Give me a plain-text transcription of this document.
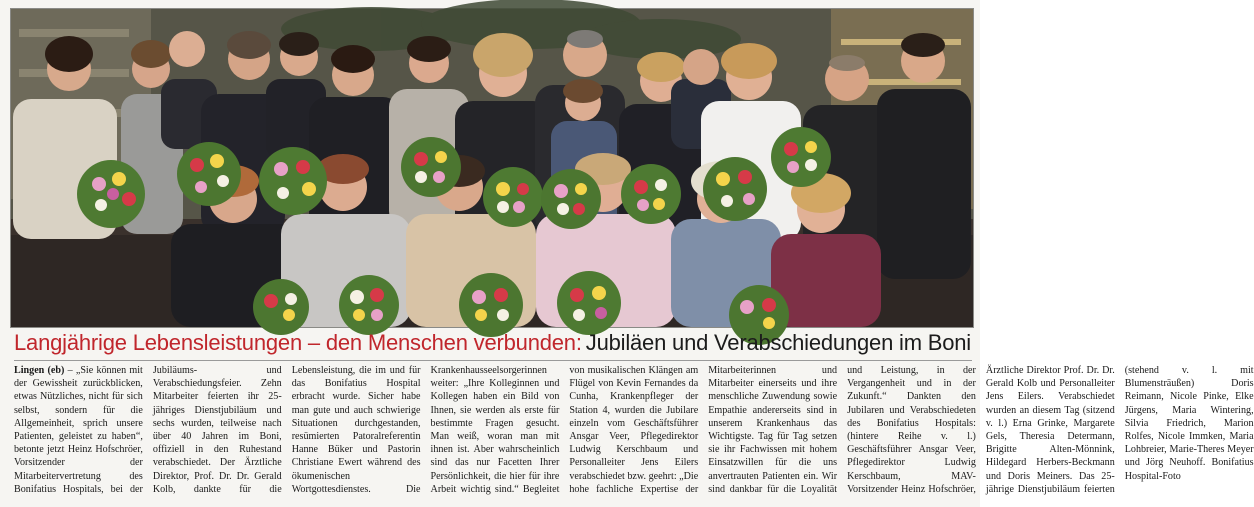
Langjährige Lebensleistungen – den Menschen verbunden: Jubiläen und Verabschiedungen im Boni

Lingen (eb) – „Sie können mit der Gewissheit zurückblicken, etwas Nützliches, nicht für sich selbst, sondern für die Allgemeinheit, sprich unsere Patienten, geleistet zu haben“, betonte jetzt Heinz Hofschröer, Vorsitzender der Mitarbeitervertretung des Bonifatius Hospitals, bei der Jubiläums- und Verabschiedungsfeier. Zehn Mitarbeiter feierten ihr 25-jähriges Dienstjubiläum und sechs wurden, teilweise nach über 40 Jahren im Boni, offiziell in den Ruhestand verabschiedet. Der Ärztliche Direktor, Prof. Dr. Dr. Gerald Kolb, dankte für die Lebensleistung, die im und für das Bonifatius Hospital erbracht wurde. Sicher habe man gute und auch schwierige Situationen durchgestanden, resümierten Patoralreferentin Hanne Büker und Pastorin Christiane Ewert während des ökumenischen Wortgottesdienstes. Die Krankenhausseelsorgerinnen weiter: „Ihre Kolleginnen und Kollegen haben ein Bild von Ihnen, sie werden als erste für bestimmte Fragen gesucht. Man weiß, woran man mit ihnen ist. Aber wahrscheinlich sind das nur Facetten Ihrer Persönlichkeit, die hier für ihre Arbeit wichtig sind.“ Begleitet von musikalischen Klängen am Flügel von Kevin Fernandes da Cunha, Krankenpfleger der Station 4, wurden die Jubilare einzeln vom Geschäftsführer Ansgar Veer, Pflegedirektor Ludwig Kerschbaum und Personalleiter Jens Eilers verabschiedet bzw. geehrt: „Die hohe fachliche Expertise der Mitarbeiterinnen und Mitarbeiter einerseits und ihre menschliche Zuwendung sowie Empathie andererseits sind in unserem Krankenhaus das Wichtigste. Tag für Tag setzen sie ihr Fachwissen mit hohem Einsatzwillen für die uns anvertrauten Patienten ein. Wir sind dankbar für die Loyalität und Leistung, in der Vergangenheit und in der Zukunft.“ Dankten den Jubilaren und Verabschiedeten des Bonifatius Hospitals: (hintere Reihe v. l.) Geschäftsführer Ansgar Veer, Pflegedirektor Ludwig Kerschbaum, MAV-Vorsitzender Heinz Hofschröer, Ärztliche Direktor Prof. Dr. Dr. Gerald Kolb und Personalleiter Jens Eilers. Verabschiedet wurden an diesem Tag (sitzend v. l.) Erna Grinke, Margarete Gels, Theresia Determann, Brigitte Alten-Mönnink, Hildegard Herbers-Beckmann und Doris Meiners. Das 25-jährige Dienstjubiläum feierten (stehend v. l. mit Blumensträußen) Doris Reimann, Nicole Pinke, Elke Jürgens, Maria Wintering, Silvia Friedrich, Marion Rolfes, Nicole Immken, Maria Lohbreier, Marie-Theres Meyer und Jörg Neuhoff. Bonifatius Hospital-Foto
